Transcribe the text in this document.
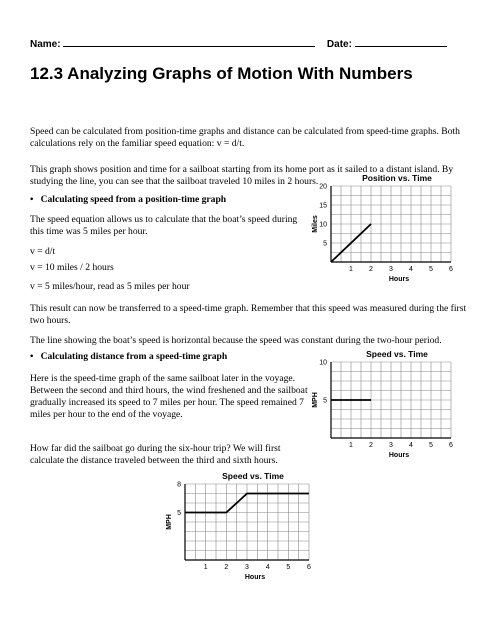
Name:	Date:
12.3 Analyzing Graphs of Motion With Numbers
Speed can be calculated from position-time graphs and distance can be calculated from speed-time graphs. Both calculations rely on the familiar speed equation: v = d/t.
This graph shows position and time for a sailboat starting from its home port as it sailed to a distant island. By studying the line, you can see that the sailboat traveled 10 miles in 2 hours.
• Calculating speed from a position-time graph
The speed equation allows us to calculate that the boat’s speed during this time was 5 miles per hour.
v = d/t
v = 10 miles / 2 hours
v = 5 miles/hour, read as 5 miles per hour
Position vs. Time
1 2 3 4 5 6
5
10
15
20
Hours
Miles
This result can now be transferred to a speed-time graph. Remember that this speed was measured during the first two hours.
The line showing the boat’s speed is horizontal because the speed was constant during the two-hour period.
• Calculating distance from a speed-time graph
Here is the speed-time graph of the same sailboat later in the voyage. Between the second and third hours, the wind freshened and the sailboat gradually increased its speed to 7 miles per hour. The speed remained 7 miles per hour to the end of the voyage.
Speed vs. Time
1 2 3 4 5 6
5
10
Hours
MPH
How far did the sailboat go during the six-hour trip? We will first calculate the distance traveled between the third and sixth hours.
Speed vs. Time
1 2 3 4 5 6
5
8
Hours
MPH
